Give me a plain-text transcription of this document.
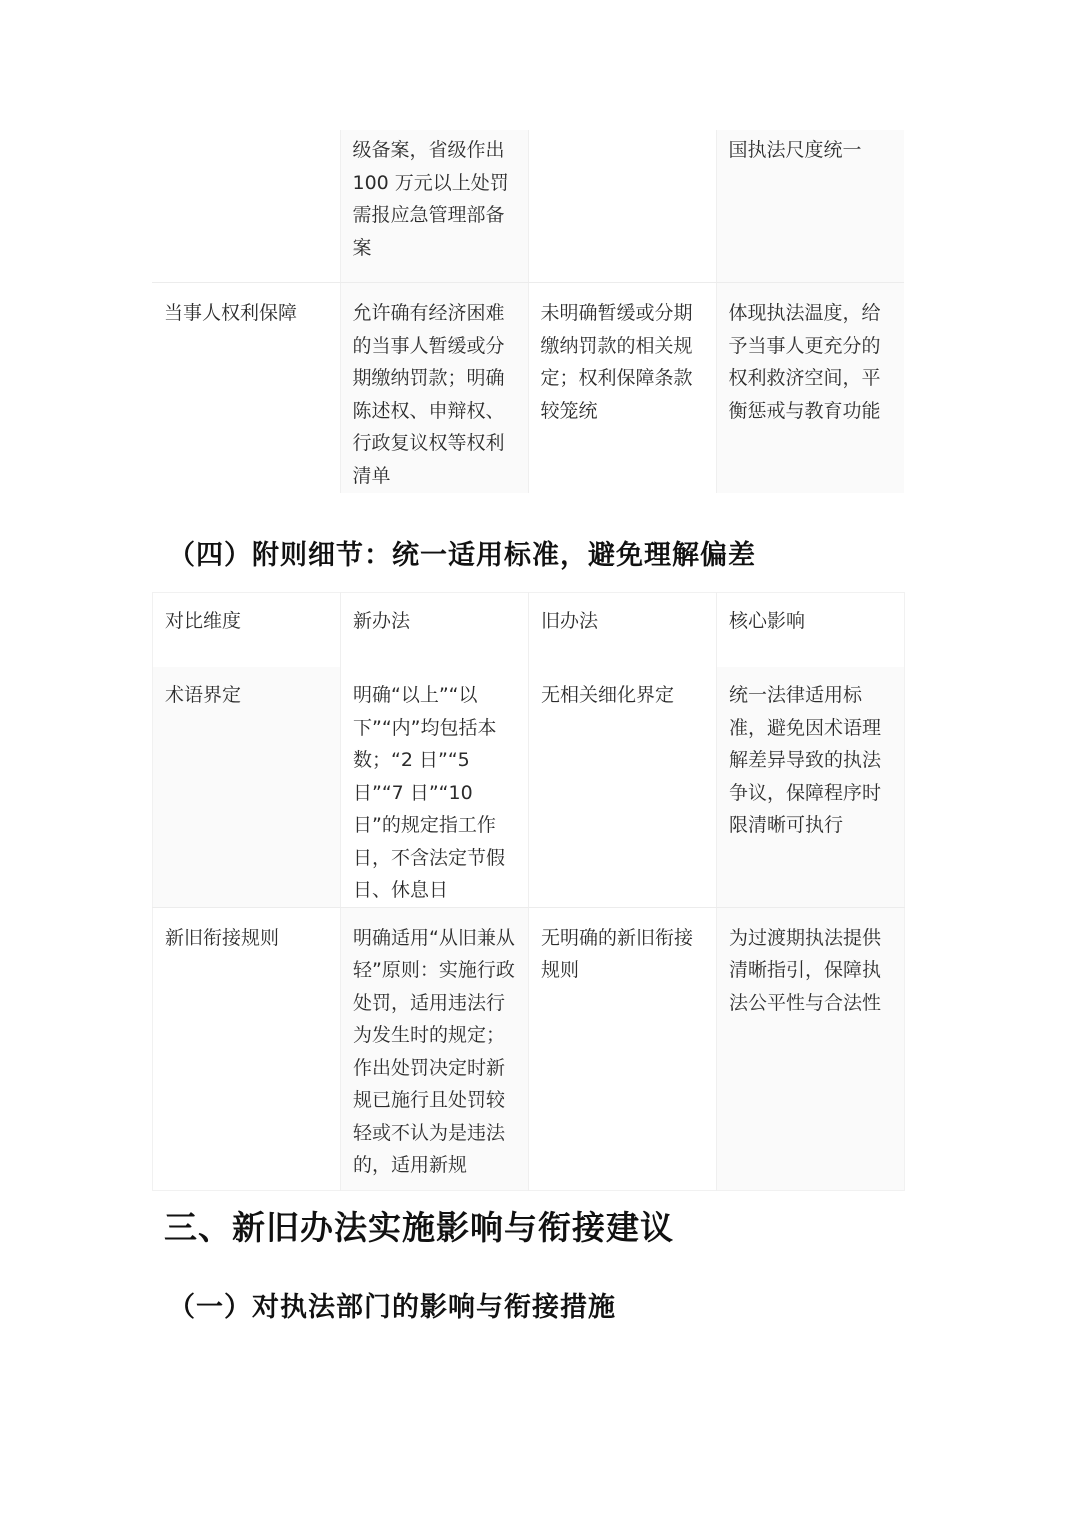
	级备案，省级作出100 万元以上处罚需报应急管理部备案		国执法尺度统一
当事人权利保障	允许确有经济困难的当事人暂缓或分期缴纳罚款；明确陈述权、申辩权、行政复议权等权利清单	未明确暂缓或分期缴纳罚款的相关规定；权利保障条款较笼统	体现执法温度，给予当事人更充分的权利救济空间，平衡惩戒与教育功能
（四）附则细节：统一适用标准，避免理解偏差
对比维度	新办法	旧办法	核心影响
术语界定	明确“以上”“以下”“内”均包括本数；“2 日”“5 日”“7 日”“10 日”的规定指工作日，不含法定节假日、休息日	无相关细化界定	统一法律适用标准，避免因术语理解差异导致的执法争议，保障程序时限清晰可执行
新旧衔接规则	明确适用“从旧兼从轻”原则：实施行政处罚，适用违法行为发生时的规定；作出处罚决定时新规已施行且处罚较轻或不认为是违法的，适用新规	无明确的新旧衔接规则	为过渡期执法提供清晰指引，保障执法公平性与合法性
三、新旧办法实施影响与衔接建议
（一）对执法部门的影响与衔接措施
